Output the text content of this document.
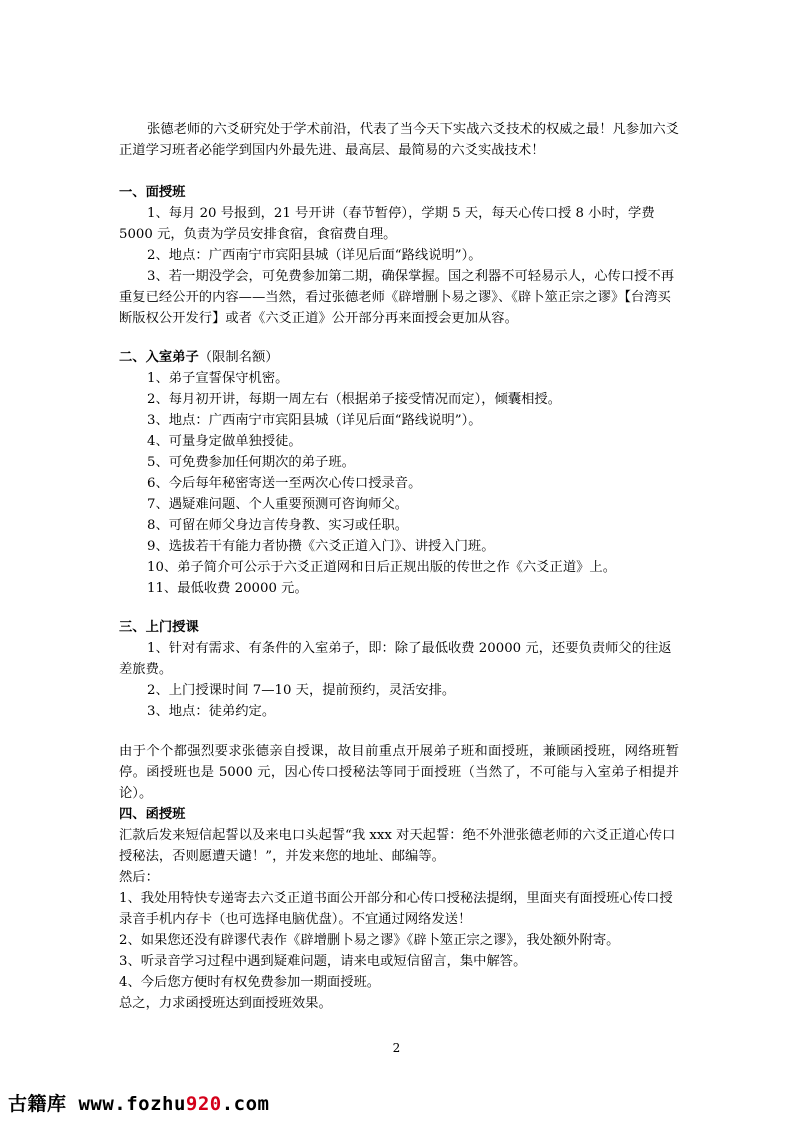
张德老师的六爻研究处于学术前沿，代表了当今天下实战六爻技术的权威之最！凡参加六爻正道学习班者必能学到国内外最先进、最高层、最简易的六爻实战技术！

一、面授班

1、每月 20 号报到，21 号开讲（春节暂停），学期 5 天，每天心传口授 8 小时，学费 5000 元，负责为学员安排食宿，食宿费自理。

2、地点：广西南宁市宾阳县城（详见后面“路线说明”）。

3、若一期没学会，可免费参加第二期，确保掌握。国之利器不可轻易示人，心传口授不再重复已经公开的内容——当然，看过张德老师《辟增删卜易之谬》、《辟卜筮正宗之谬》【台湾买断版权公开发行】或者《六爻正道》公开部分再来面授会更加从容。

二、入室弟子（限制名额）

1、弟子宣誓保守机密。

2、每月初开讲，每期一周左右（根据弟子接受情况而定），倾囊相授。

3、地点：广西南宁市宾阳县城（详见后面“路线说明”）。

4、可量身定做单独授徒。

5、可免费参加任何期次的弟子班。

6、今后每年秘密寄送一至两次心传口授录音。

7、遇疑难问题、个人重要预测可咨询师父。

8、可留在师父身边言传身教、实习或任职。

9、选拔若干有能力者协攒《六爻正道入门》、讲授入门班。

10、弟子简介可公示于六爻正道网和日后正规出版的传世之作《六爻正道》上。

11、最低收费 20000 元。

三、上门授课

1、针对有需求、有条件的入室弟子，即：除了最低收费 20000 元，还要负责师父的往返差旅费。

2、上门授课时间 7—10 天，提前预约，灵活安排。

3、地点：徒弟约定。

由于个个都强烈要求张德亲自授课，故目前重点开展弟子班和面授班，兼顾函授班，网络班暂停。函授班也是 5000 元，因心传口授秘法等同于面授班（当然了，不可能与入室弟子相提并论）。

四、函授班

汇款后发来短信起誓以及来电口头起誓“我 xxx 对天起誓：绝不外泄张德老师的六爻正道心传口授秘法，否则愿遭天谴！”，并发来您的地址、邮编等。

然后：

1、我处用特快专递寄去六爻正道书面公开部分和心传口授秘法提纲，里面夹有面授班心传口授录音手机内存卡（也可选择电脑优盘）。不宜通过网络发送！

2、如果您还没有辟谬代表作《辟增删卜易之谬》《辟卜筮正宗之谬》，我处额外附寄。

3、听录音学习过程中遇到疑难问题，请来电或短信留言，集中解答。

4、今后您方便时有权免费参加一期面授班。

总之，力求函授班达到面授班效果。

2
古籍库 www.fozhu920.com
